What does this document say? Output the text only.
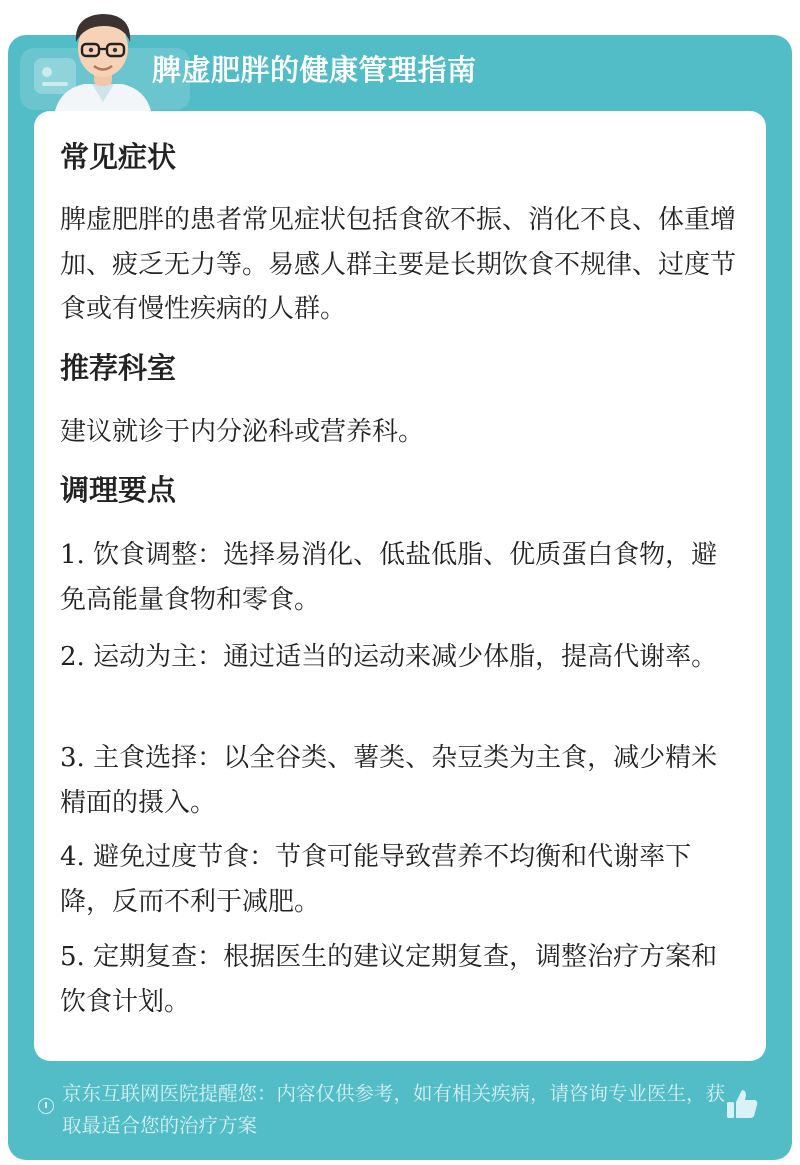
脾虚肥胖的健康管理指南
常见症状

脾虚肥胖的患者常见症状包括食欲不振、消化不良、体重增加、疲乏无力等。易感人群主要是长期饮食不规律、过度节食或有慢性疾病的人群。

推荐科室

建议就诊于内分泌科或营养科。

调理要点

1. 饮食调整：选择易消化、低盐低脂、优质蛋白食物，避免高能量食物和零食。

2. 运动为主：通过适当的运动来减少体脂，提高代谢率。

3. 主食选择：以全谷类、薯类、杂豆类为主食，减少精米精面的摄入。

4. 避免过度节食：节食可能导致营养不均衡和代谢率下降，反而不利于减肥。

5. 定期复查：根据医生的建议定期复查，调整治疗方案和饮食计划。

京东互联网医院提醒您：内容仅供参考，如有相关疾病，请咨询专业医生，获取最适合您的治疗方案
